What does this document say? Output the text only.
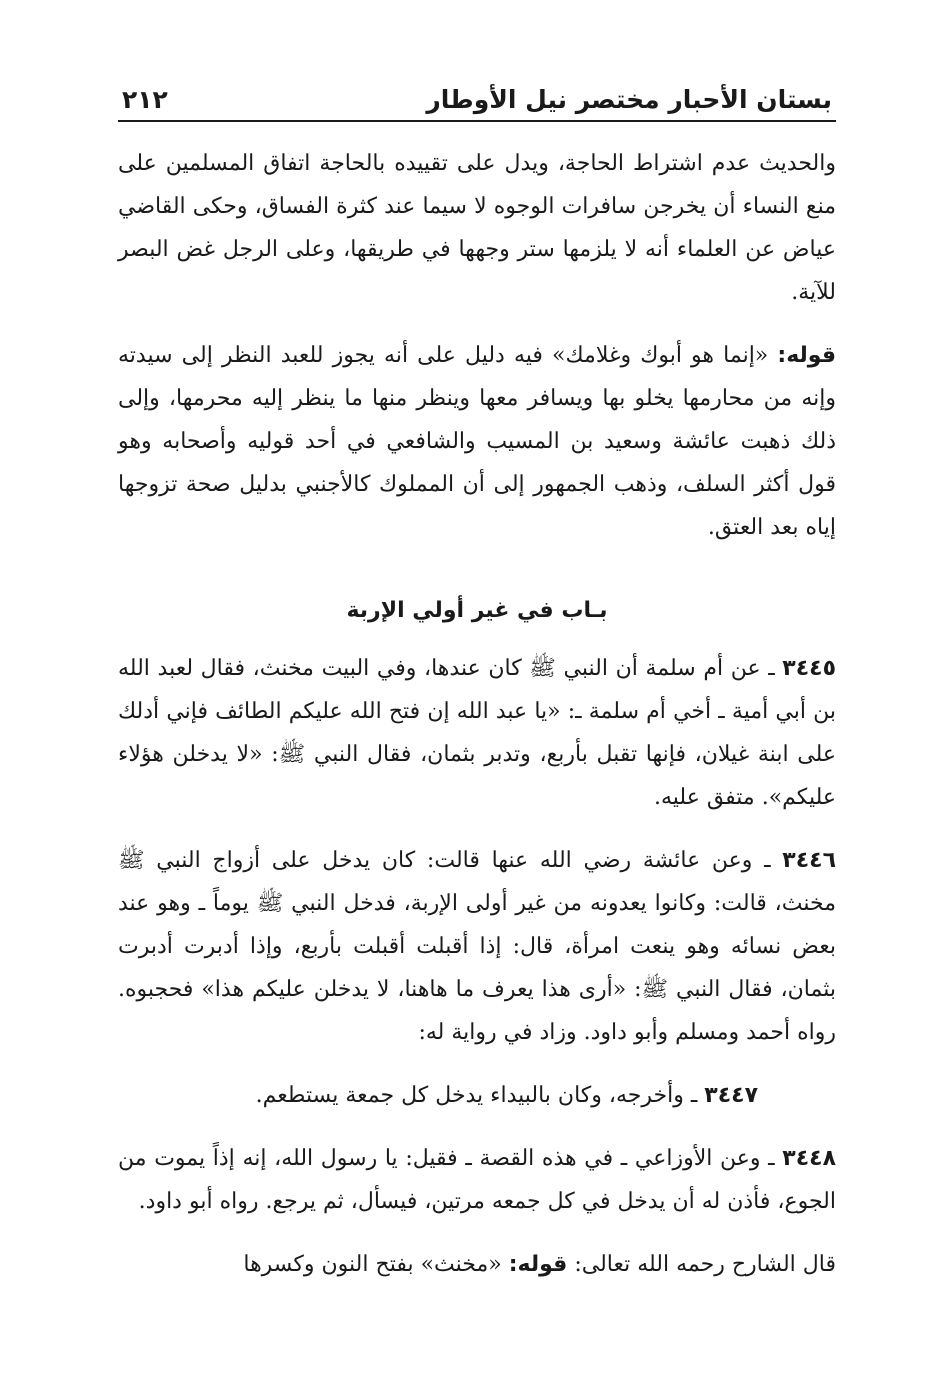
بستان الأحبار مختصر نيل الأوطار
٢١٢

والحديث عدم اشتراط الحاجة، ويدل على تقييده بالحاجة اتفاق المسلمين على منع النساء أن يخرجن سافرات الوجوه لا سيما عند كثرة الفساق، وحكى القاضي عياض عن العلماء أنه لا يلزمها ستر وجهها في طريقها، وعلى الرجل غض البصر للآية.

قوله: «إنما هو أبوك وغلامك» فيه دليل على أنه يجوز للعبد النظر إلى سيدته وإنه من محارمها يخلو بها ويسافر معها وينظر منها ما ينظر إليه محرمها، وإلى ذلك ذهبت عائشة وسعيد بن المسيب والشافعي في أحد قوليه وأصحابه وهو قول أكثر السلف، وذهب الجمهور إلى أن المملوك كالأجنبي بدليل صحة تزوجها إياه بعد العتق.

بـاب في غير أولي الإربة

٣٤٤٥ ـ عن أم سلمة أن النبي ﷺ كان عندها، وفي البيت مخنث، فقال لعبد الله بن أبي أمية ـ أخي أم سلمة ـ: «يا عبد الله إن فتح الله عليكم الطائف فإني أدلك على ابنة غيلان، فإنها تقبل بأربع، وتدبر بثمان، فقال النبي ﷺ: «لا يدخلن هؤلاء عليكم». متفق عليه.

٣٤٤٦ ـ وعن عائشة رضي الله عنها قالت: كان يدخل على أزواج النبي ﷺ مخنث، قالت: وكانوا يعدونه من غير أولى الإربة، فدخل النبي ﷺ يوماً ـ وهو عند بعض نسائه وهو ينعت امرأة، قال: إذا أقبلت أقبلت بأربع، وإذا أدبرت أدبرت بثمان، فقال النبي ﷺ: «أرى هذا يعرف ما هاهنا، لا يدخلن عليكم هذا» فحجبوه. رواه أحمد ومسلم وأبو داود. وزاد في رواية له:

٣٤٤٧ ـ وأخرجه، وكان بالبيداء يدخل كل جمعة يستطعم.

٣٤٤٨ ـ وعن الأوزاعي ـ في هذه القصة ـ فقيل: يا رسول الله، إنه إذاً يموت من الجوع، فأذن له أن يدخل في كل جمعه مرتين، فيسأل، ثم يرجع. رواه أبو داود.

قال الشارح رحمه الله تعالى: قوله: «مخنث» بفتح النون وكسرها
